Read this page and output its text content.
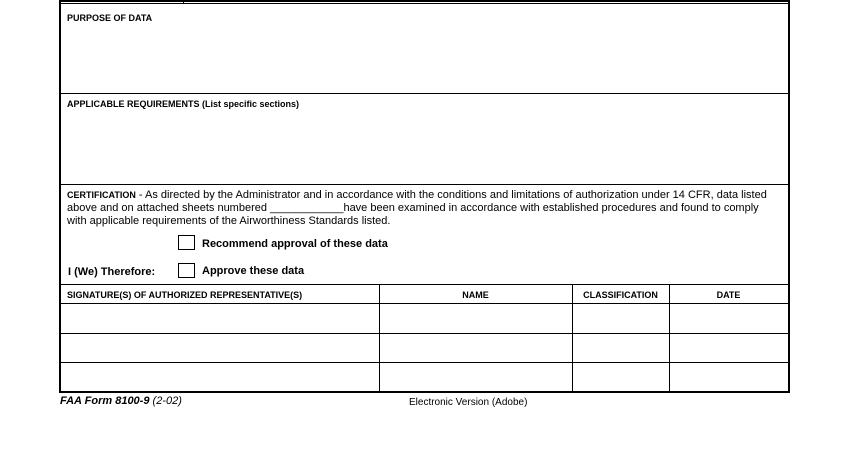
PURPOSE OF DATA
APPLICABLE REQUIREMENTS (List specific sections)
CERTIFICATION - As directed by the Administrator and in accordance with the conditions and limitations of authorization under 14 CFR, data listed above and on attached sheets numbered ____________have been examined in accordance with established procedures and found to comply with applicable requirements of the Airworthiness Standards listed.
Recommend approval of these data
I (We) Therefore:	Approve these data
SIGNATURE(S) OF AUTHORIZED REPRESENTATIVE(S)	NAME	CLASSIFICATION	DATE
FAA Form 8100-9 (2-02)	Electronic Version (Adobe)
